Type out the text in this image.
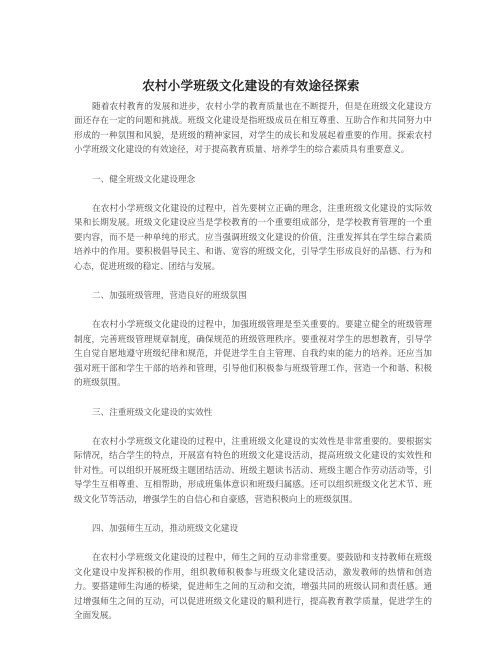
农村小学班级文化建设的有效途径探索

随着农村教育的发展和进步，农村小学的教育质量也在不断提升，但是在班级文化建设方面还存在一定的问题和挑战。班级文化建设是指班级成员在相互尊重、互助合作和共同努力中形成的一种氛围和风貌，是班级的精神家园，对学生的成长和发展起着重要的作用。探索农村小学班级文化建设的有效途径，对于提高教育质量、培养学生的综合素质具有重要意义。

一、健全班级文化建设理念

在农村小学班级文化建设的过程中，首先要树立正确的理念，注重班级文化建设的实际效果和长期发展。班级文化建设应当是学校教育的一个重要组成部分，是学校教育管理的一个重要内容，而不是一种单纯的形式。应当强调班级文化建设的价值，注重发挥其在学生综合素质培养中的作用。要积极倡导民主、和谐、宽容的班级文化，引导学生形成良好的品德、行为和心态，促进班级的稳定、团结与发展。

二、加强班级管理，营造良好的班级氛围

在农村小学班级文化建设的过程中，加强班级管理是至关重要的。要建立健全的班级管理制度，完善班级管理规章制度，确保规范的班级管理秩序。要重视对学生的思想教育，引导学生自觉自愿地遵守班级纪律和规范，并促进学生自主管理、自我约束的能力的培养。还应当加强对班干部和学生干部的培养和管理，引导他们积极参与班级管理工作，营造一个和谐、积极的班级氛围。

三、注重班级文化建设的实效性

在农村小学班级文化建设的过程中，注重班级文化建设的实效性是非常重要的。要根据实际情况，结合学生的特点，开展富有特色的班级文化建设活动，提高班级文化建设的实效性和针对性。可以组织开展班级主题团结活动、班级主题读书活动、班级主题合作劳动活动等，引导学生互相尊重、互相帮助，形成班集体意识和班级归属感。还可以组织班级文化艺术节、班级文化节等活动，增强学生的自信心和自豪感，营造积极向上的班级氛围。

四、加强师生互动，推动班级文化建设

在农村小学班级文化建设的过程中，师生之间的互动非常重要。要鼓励和支持教师在班级文化建设中发挥积极的作用，组织教师积极参与班级文化建设活动，激发教师的热情和创造力。要搭建师生沟通的桥梁，促进师生之间的互动和交流，增强共同的班级认同和责任感。通过增强师生之间的互动，可以促进班级文化建设的顺利进行，提高教育教学质量，促进学生的全面发展。
